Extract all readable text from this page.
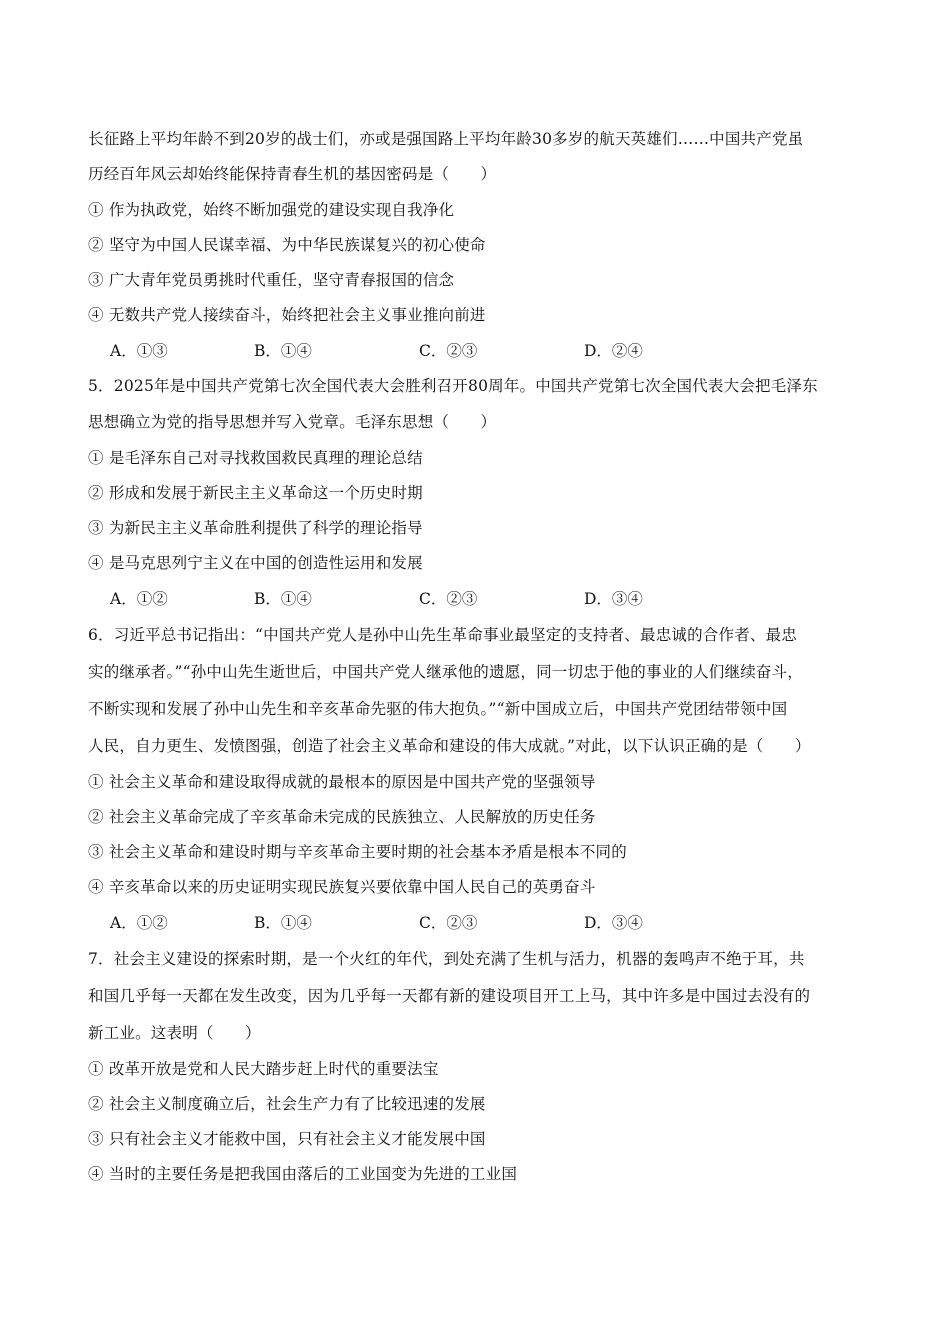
长征路上平均年龄不到20岁的战士们，亦或是强国路上平均年龄30多岁的航天英雄们……中国共产党虽
历经百年风云却始终能保持青春生机的基因密码是（　　）
① 作为执政党，始终不断加强党的建设实现自我净化
② 坚守为中国人民谋幸福、为中华民族谋复兴的初心使命
③ 广大青年党员勇挑时代重任，坚守青春报国的信念
④ 无数共产党人接续奋斗，始终把社会主义事业推向前进
A．①③	B．①④	C．②③	D．②④
5．2025年是中国共产党第七次全国代表大会胜利召开80周年。中国共产党第七次全国代表大会把毛泽东
思想确立为党的指导思想并写入党章。毛泽东思想（　　）
① 是毛泽东自己对寻找救国救民真理的理论总结
② 形成和发展于新民主主义革命这一个历史时期
③ 为新民主主义革命胜利提供了科学的理论指导
④ 是马克思列宁主义在中国的创造性运用和发展
A．①②	B．①④	C．②③	D．③④
6．习近平总书记指出：“中国共产党人是孙中山先生革命事业最坚定的支持者、最忠诚的合作者、最忠
实的继承者。”“孙中山先生逝世后，中国共产党人继承他的遗愿，同一切忠于他的事业的人们继续奋斗，
不断实现和发展了孙中山先生和辛亥革命先驱的伟大抱负。”“新中国成立后，中国共产党团结带领中国
人民，自力更生、发愤图强，创造了社会主义革命和建设的伟大成就。”对此，以下认识正确的是（　　）
① 社会主义革命和建设取得成就的最根本的原因是中国共产党的坚强领导
② 社会主义革命完成了辛亥革命未完成的民族独立、人民解放的历史任务
③ 社会主义革命和建设时期与辛亥革命主要时期的社会基本矛盾是根本不同的
④ 辛亥革命以来的历史证明实现民族复兴要依靠中国人民自己的英勇奋斗
A．①②	B．①④	C．②③	D．③④
7．社会主义建设的探索时期，是一个火红的年代，到处充满了生机与活力，机器的轰鸣声不绝于耳，共
和国几乎每一天都在发生改变，因为几乎每一天都有新的建设项目开工上马，其中许多是中国过去没有的
新工业。这表明（　　）
① 改革开放是党和人民大踏步赶上时代的重要法宝
② 社会主义制度确立后，社会生产力有了比较迅速的发展
③ 只有社会主义才能救中国，只有社会主义才能发展中国
④ 当时的主要任务是把我国由落后的工业国变为先进的工业国
